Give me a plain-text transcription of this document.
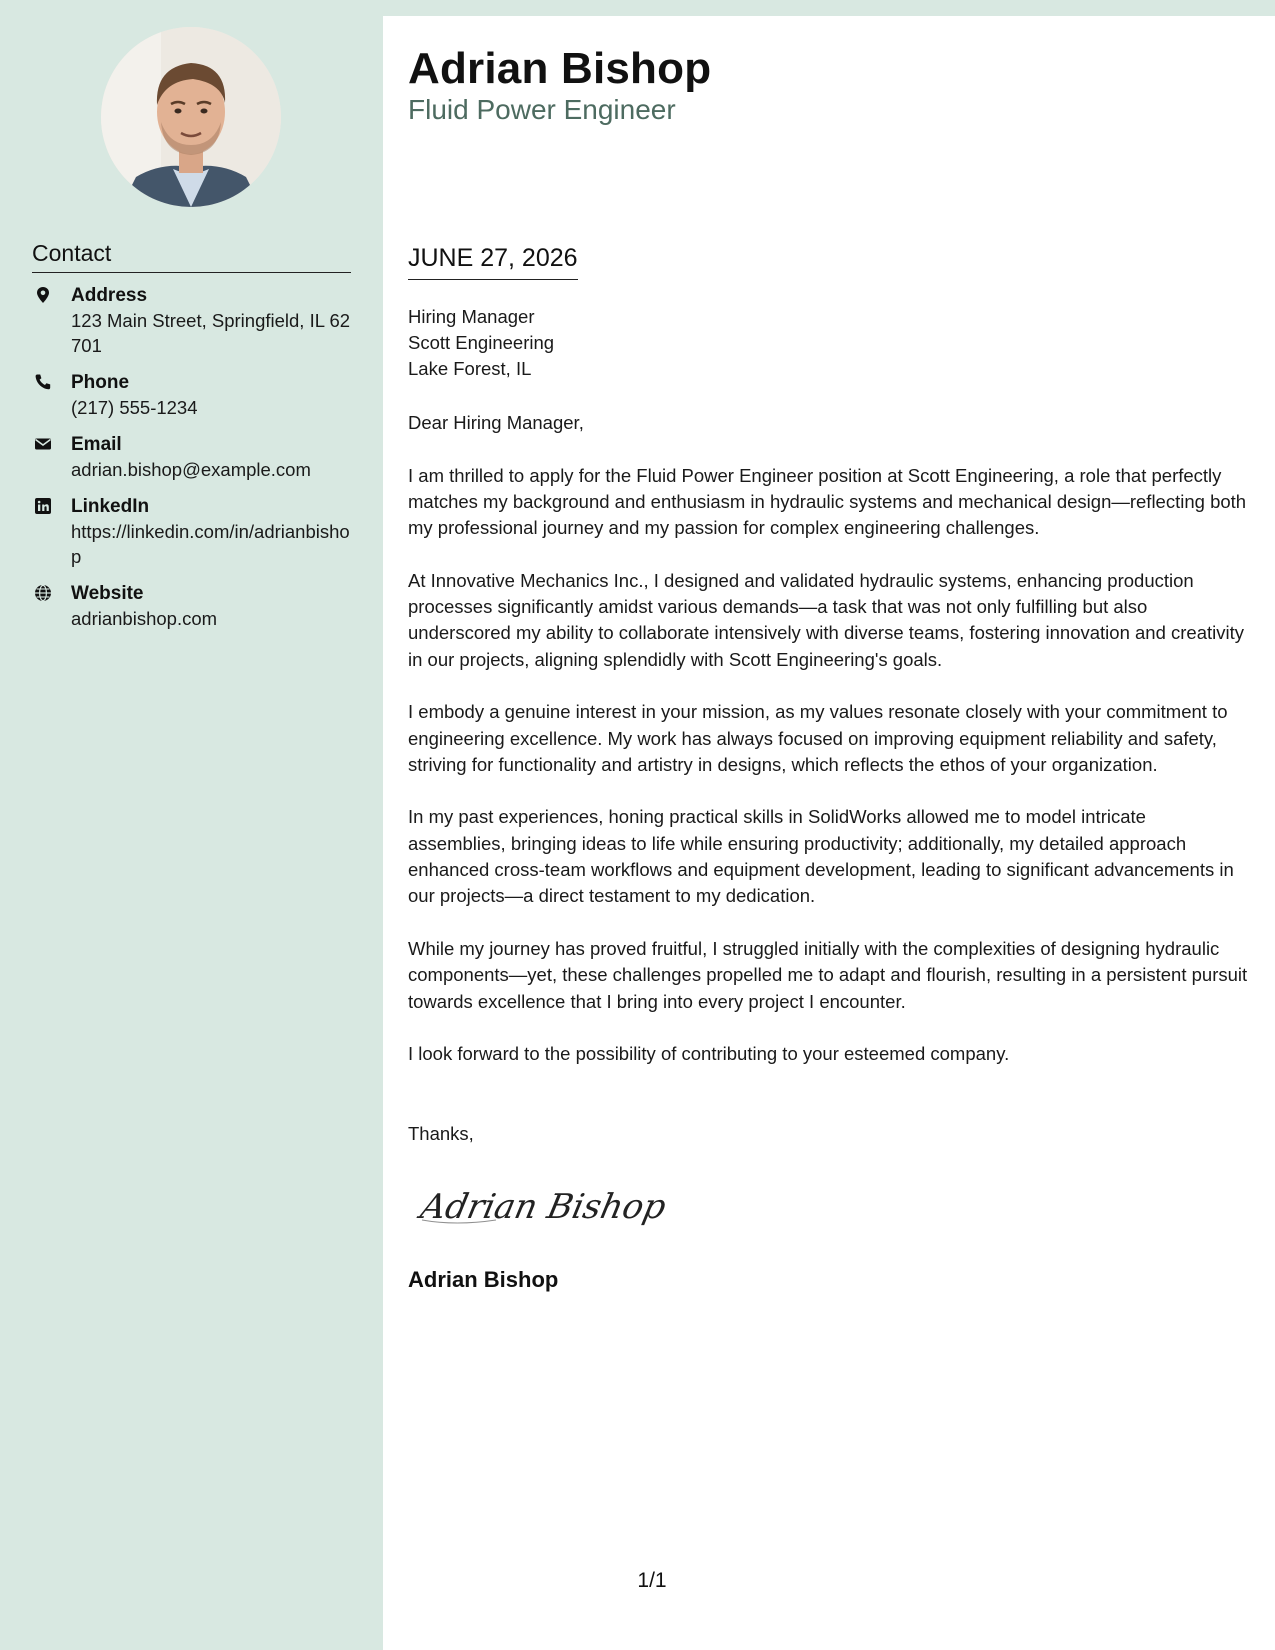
Contact
Address
123 Main Street, Springfield, IL 62701
Phone
(217) 555-1234
Email
adrian.bishop@example.com
LinkedIn
https://linkedin.com/in/adrianbishop
Website
adrianbishop.com
Adrian Bishop
Fluid Power Engineer
JUNE 27, 2026
Hiring Manager
Scott Engineering
Lake Forest, IL

Dear Hiring Manager,

I am thrilled to apply for the Fluid Power Engineer position at Scott Engineering, a role that perfectly matches my background and enthusiasm in hydraulic systems and mechanical design—reflecting both my professional journey and my passion for complex engineering challenges.

At Innovative Mechanics Inc., I designed and validated hydraulic systems, enhancing production processes significantly amidst various demands—a task that was not only fulfilling but also underscored my ability to collaborate intensively with diverse teams, fostering innovation and creativity in our projects, aligning splendidly with Scott Engineering's goals.

I embody a genuine interest in your mission, as my values resonate closely with your commitment to engineering excellence. My work has always focused on improving equipment reliability and safety, striving for functionality and artistry in designs, which reflects the ethos of your organization.

In my past experiences, honing practical skills in SolidWorks allowed me to model intricate assemblies, bringing ideas to life while ensuring productivity; additionally, my detailed approach enhanced cross-team workflows and equipment development, leading to significant advancements in our projects—a direct testament to my dedication.

While my journey has proved fruitful, I struggled initially with the complexities of designing hydraulic components—yet, these challenges propelled me to adapt and flourish, resulting in a persistent pursuit towards excellence that I bring into every project I encounter.

I look forward to the possibility of contributing to your esteemed company.

Thanks,
Adrian Bishop
Adrian Bishop
1/1
